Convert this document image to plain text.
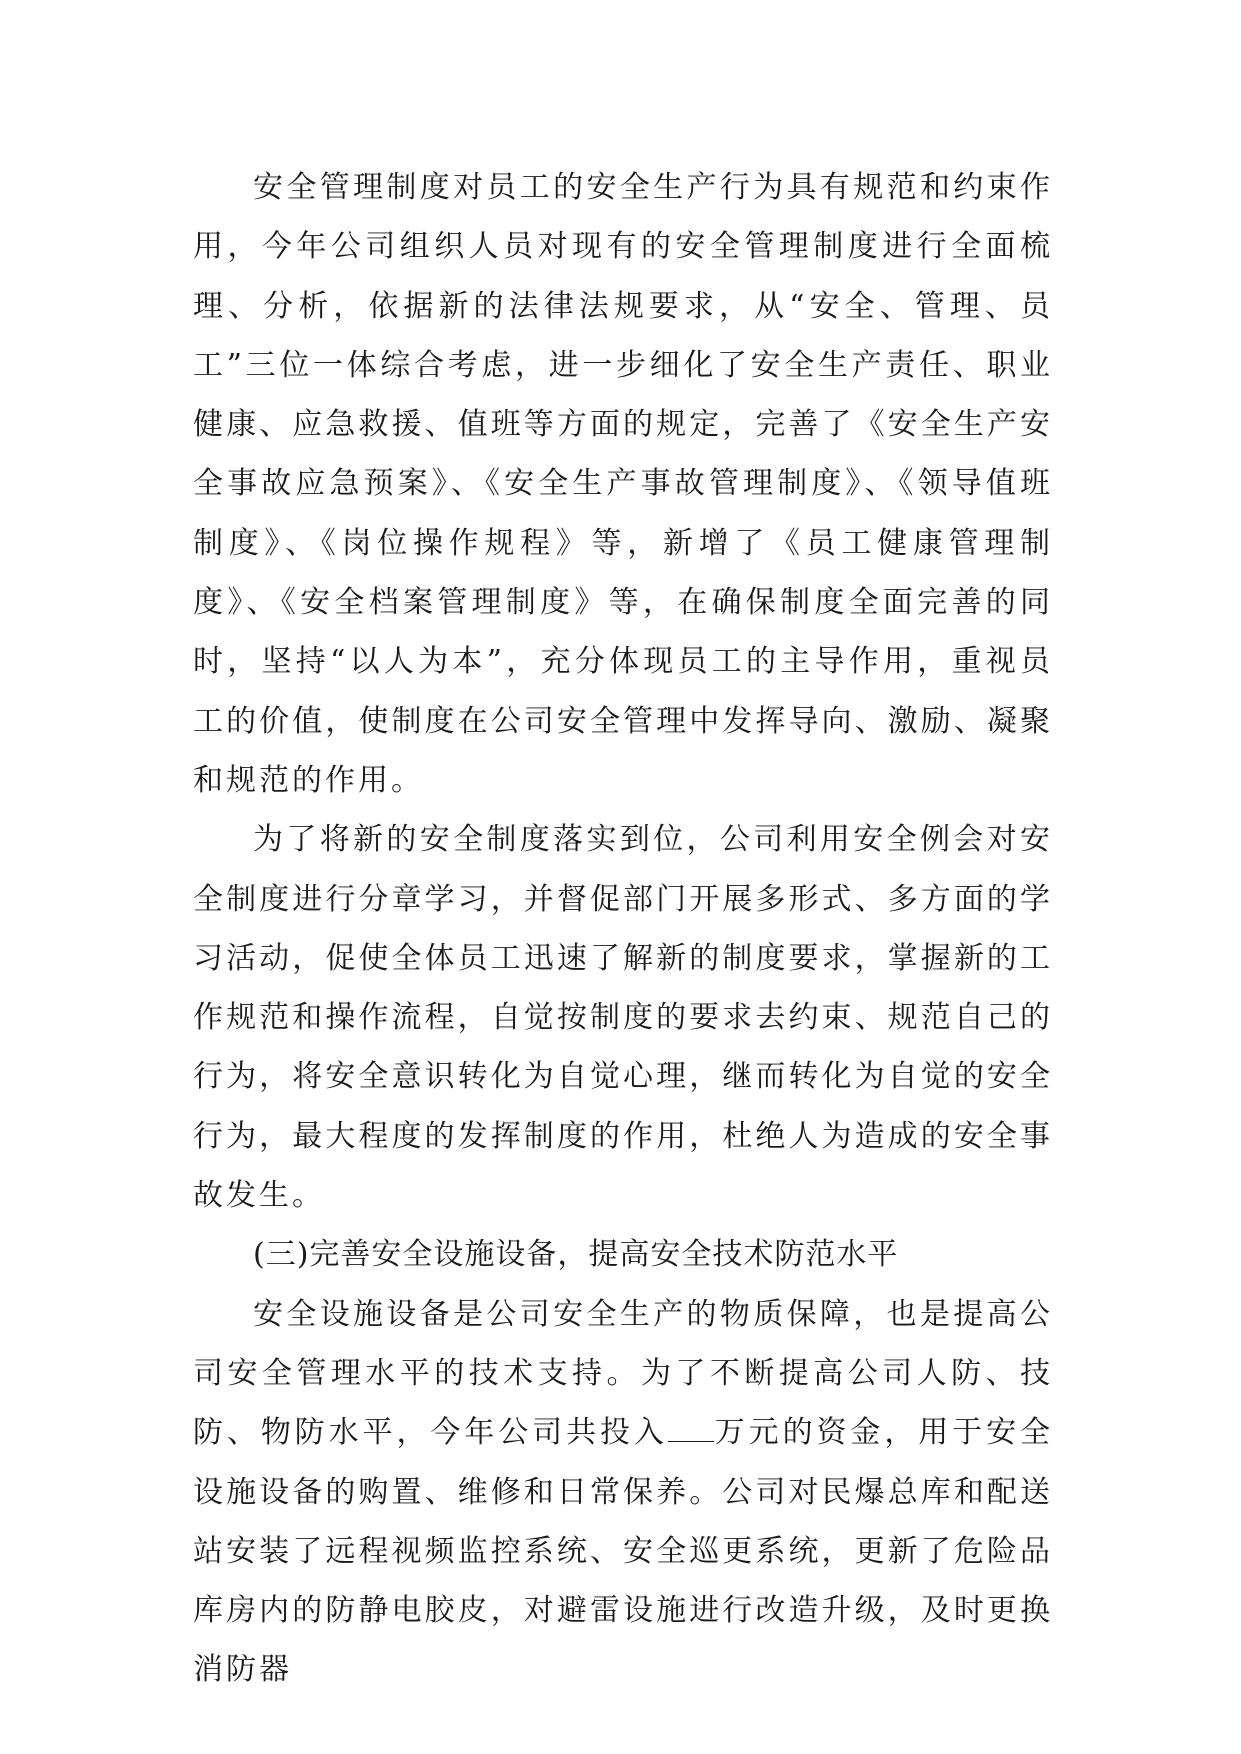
安全管理制度对员工的安全生产行为具有规范和约束作用，今年公司组织人员对现有的安全管理制度进行全面梳理、分析，依据新的法律法规要求，从“安全、管理、员工”三位一体综合考虑，进一步细化了安全生产责任、职业健康、应急救援、值班等方面的规定，完善了《安全生产安全事故应急预案》、《安全生产事故管理制度》、《领导值班制度》、《岗位操作规程》等，新增了《员工健康管理制度》、《安全档案管理制度》等，在确保制度全面完善的同时，坚持“以人为本”，充分体现员工的主导作用，重视员工的价值，使制度在公司安全管理中发挥导向、激励、凝聚和规范的作用。

为了将新的安全制度落实到位，公司利用安全例会对安全制度进行分章学习，并督促部门开展多形式、多方面的学习活动，促使全体员工迅速了解新的制度要求，掌握新的工作规范和操作流程，自觉按制度的要求去约束、规范自己的行为，将安全意识转化为自觉心理，继而转化为自觉的安全行为，最大程度的发挥制度的作用，杜绝人为造成的安全事故发生。

(三)完善安全设施设备，提高安全技术防范水平

安全设施设备是公司安全生产的物质保障，也是提高公司安全管理水平的技术支持。为了不断提高公司人防、技防、物防水平，今年公司共投入 万元的资金，用于安全设施设备的购置、维修和日常保养。公司对民爆总库和配送站安装了远程视频监控系统、安全巡更系统，更新了危险品库房内的防静电胶皮，对避雷设施进行改造升级，及时更换消防器
